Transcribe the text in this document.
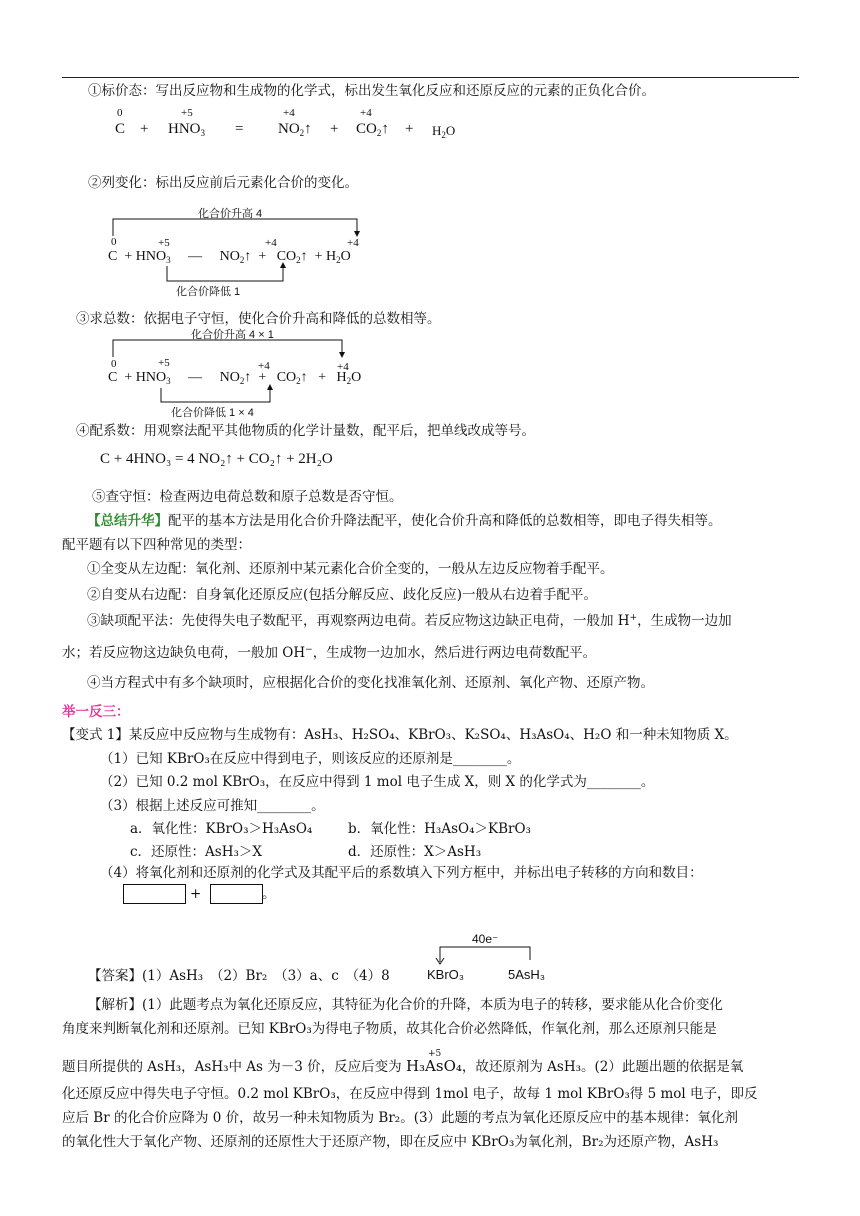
①标价态：写出反应物和生成物的化学式，标出发生氧化反应和还原反应的元素的正负化合价。
0
C +
+5
$HNO_3$ =
+4
$NO_2↑$ +
+4
$CO_2↑ + H_2O$
②列变化：标出反应前后元素化合价的变化。
化合价升高 4
0	+5	+4	+4
$C + HNO_3$     —     $NO_2↑$  +   $CO_2↑ + H_2O$
化合价降低 1
③求总数：依据电子守恒，使化合价升高和降低的总数相等。
化合价升高 4 × 1
0	+5	+4	+4
$C + HNO_3$     —     $NO_2↑$  +   $CO_2↑ + H_2O$
化合价降低 1 × 4
④配系数：用观察法配平其他物质的化学计量数，配平后，把单线改成等号。
C + 4HNO₃ = 4 NO₂↑ + CO₂↑ + 2H₂O
⑤查守恒：检查两边电荷总数和原子总数是否守恒。
【总结升华】配平的基本方法是用化合价升降法配平，使化合价升高和降低的总数相等，即电子得失相等。
配平题有以下四种常见的类型：
①全变从左边配：氧化剂、还原剂中某元素化合价全变的，一般从左边反应物着手配平。
②自变从右边配：自身氧化还原反应(包括分解反应、歧化反应)一般从右边着手配平。
③缺项配平法：先使得失电子数配平，再观察两边电荷。若反应物这边缺正电荷，一般加 H+，生成物一边加
水；若反应物这边缺负电荷，一般加 OH−，生成物一边加水，然后进行两边电荷数配平。
④当方程式中有多个缺项时，应根据化合价的变化找准氧化剂、还原剂、氧化产物、还原产物。
举一反三：
【变式 1】某反应中反应物与生成物有：AsH₃、H₂SO₄、KBrO₃、K₂SO₄、H₃AsO₄、H₂O 和一种未知物质 X。
（1）已知 KBrO₃在反应中得到电子，则该反应的还原剂是________。
（2）已知 0.2 mol KBrO₃，在反应中得到 1 mol 电子生成 X，则 X 的化学式为________。
（3）根据上述反应可推知________。
a．氧化性：KBrO₃＞H₃AsO₄	b．氧化性：H₃AsO₄＞KBrO₃
c．还原性：AsH₃＞X	d．还原性：X＞AsH₃
（4）将氧化剂和还原剂的化学式及其配平后的系数填入下列方框中，并标出电子转移的方向和数目：
+	。
【答案】(1）AsH₃　（2）Br₂　（3）a、c　（4）8
40e⁻
KBrO₃	5AsH₃
【解析】(1）此题考点为氧化还原反应，其特征为化合价的升降，本质为电子的转移，要求能从化合价变化
角度来判断氧化剂和还原剂。已知 KBrO₃为得电子物质，故其化合价必然降低，作氧化剂，那么还原剂只能是
题目所提供的 AsH₃，AsH₃中 As 为－3 价，反应后变为
+5
H₃AsO₄，故还原剂为 AsH₃。(2）此题出题的依据是氧
化还原反应中得失电子守恒。0.2 mol KBrO₃，在反应中得到 1mol 电子，故每 1 mol KBrO₃得 5 mol 电子，即反
应后 Br 的化合价应降为 0 价，故另一种未知物质为 Br₂。(3）此题的考点为氧化还原反应中的基本规律：氧化剂
的氧化性大于氧化产物、还原剂的还原性大于还原产物，即在反应中 KBrO₃为氧化剂，Br₂为还原产物，AsH₃
